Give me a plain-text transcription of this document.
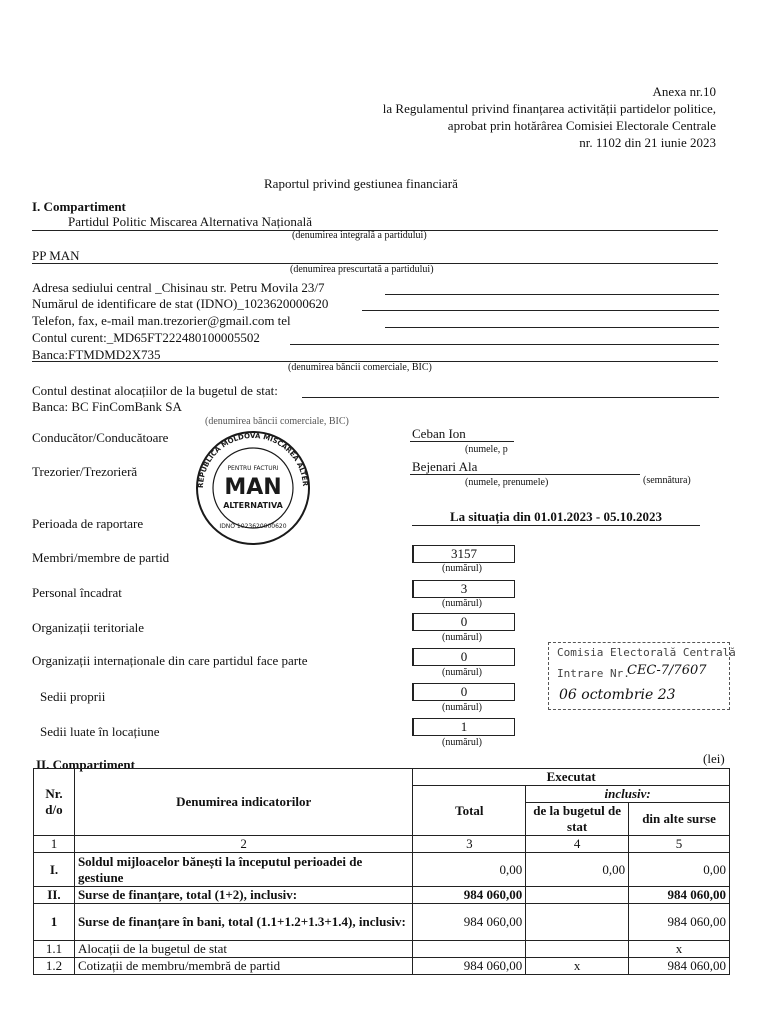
Anexa nr.10
la Regulamentul privind finanțarea activității partidelor politice,
aprobat prin hotărârea Comisiei Electorale Centrale
nr. 1102 din 21 iunie 2023
Raportul privind gestiunea financiară
I. Compartiment
Partidul Politic Miscarea Alternativa Națională
(denumirea integrală a partidului)
PP MAN
(denumirea prescurtată a partidului)
Adresa sediului central _Chisinau str. Petru Movila 23/7
Numărul de identificare de stat (IDNO)_1023620000620
Telefon, fax, e-mail man.trezorier@gmail.com tel
Contul curent:_MD65FT222480100005502
Banca:FTMDMD2X735
(denumirea băncii comerciale, BIC)
Contul destinat alocațiilor de la bugetul de stat:
Banca: BC FinComBank SA
(denumirea băncii comerciale, BIC)
Conducător/Conducătoare	Ceban Ion
(numele, p
Trezorier/Trezorieră	Bejenari Ala
(numele, prenumele)	(semnătura)
Perioada de raportare	La situația din 01.01.2023 - 05.10.2023
Membri/membre de partid	3157
(numărul)
Personal încadrat	3
(numărul)
Organizații teritoriale	0
(numărul)
Organizații internaționale din care partidul face parte	0
(numărul)
Sedii proprii	0
(numărul)
Sedii luate în locațiune	1
(numărul)
REPUBLICA MOLDOVA MISCAREA ALTER
PENTRU FACTURI
MAN
ALTERNATIVA
IDNO 1023620000620
Comisia Electorală Centrală
Intrare Nr.
CEC-7/7607
06 octombrie 23
II. Compartiment	(lei)
Nr. d/o	Denumirea indicatorilor	Executat		
		Total	inclusiv:	
			de la bugetul de stat	din alte surse
1	2	3	4	5
I.	Soldul mijloacelor bănești la începutul perioadei de gestiune	0,00	0,00	0,00
II.	Surse de finanțare, total (1+2), inclusiv:	984 060,00		984 060,00
1	Surse de finanțare în bani, total (1.1+1.2+1.3+1.4), inclusiv:	984 060,00		984 060,00
1.1	Alocații de la bugetul de stat			x
1.2	Cotizații de membru/membră de partid	984 060,00	x	984 060,00
